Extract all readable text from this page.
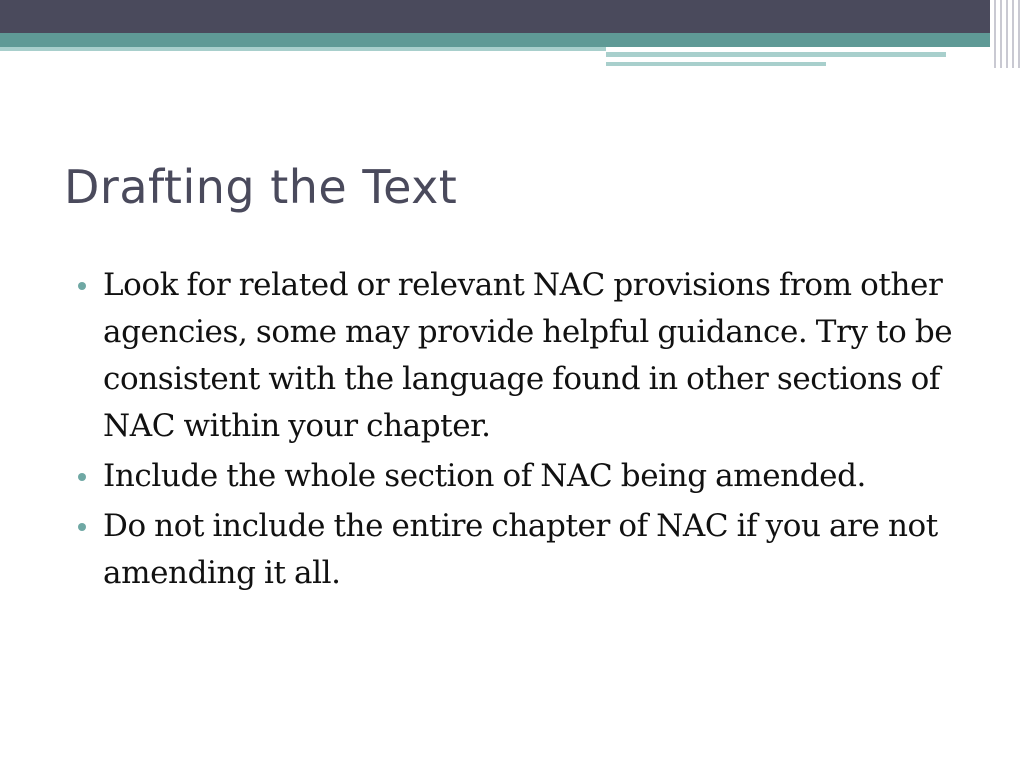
Drafting the Text
Look for related or relevant NAC provisions from other agencies, some may provide helpful guidance. Try to be consistent with the language found in other sections of NAC within your chapter.
Include the whole section of NAC being amended.
Do not include the entire chapter of NAC if you are not amending it all.
